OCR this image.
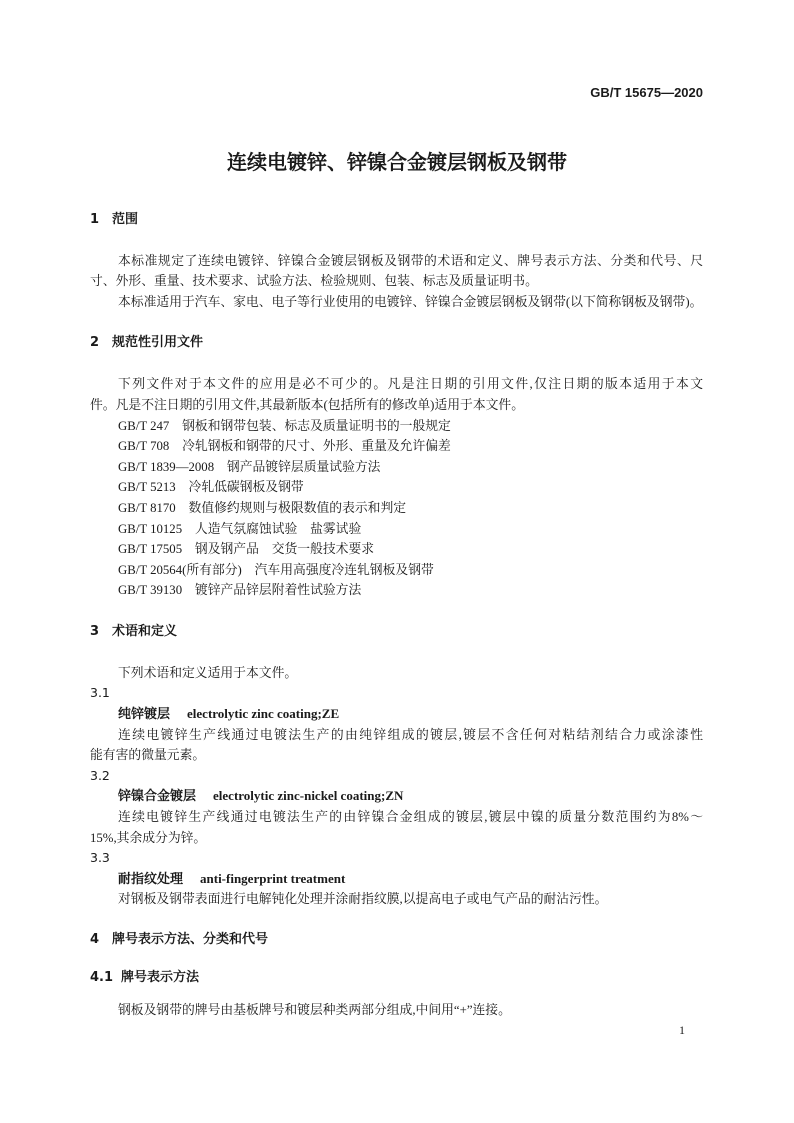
GB/T 15675—2020
连续电镀锌、锌镍合金镀层钢板及钢带
1 范围
本标准规定了连续电镀锌、锌镍合金镀层钢板及钢带的术语和定义、牌号表示方法、分类和代号、尺
寸、外形、重量、技术要求、试验方法、检验规则、包装、标志及质量证明书。
本标准适用于汽车、家电、电子等行业使用的电镀锌、锌镍合金镀层钢板及钢带(以下简称钢板及钢带)。
2 规范性引用文件
下列文件对于本文件的应用是必不可少的。凡是注日期的引用文件,仅注日期的版本适用于本文
件。凡是不注日期的引用文件,其最新版本(包括所有的修改单)适用于本文件。
GB/T 247 钢板和钢带包装、标志及质量证明书的一般规定
GB/T 708 冷轧钢板和钢带的尺寸、外形、重量及允许偏差
GB/T 1839—2008 钢产品镀锌层质量试验方法
GB/T 5213 冷轧低碳钢板及钢带
GB/T 8170 数值修约规则与极限数值的表示和判定
GB/T 10125 人造气氛腐蚀试验　盐雾试验
GB/T 17505 钢及钢产品　交货一般技术要求
GB/T 20564(所有部分) 汽车用高强度冷连轧钢板及钢带
GB/T 39130 镀锌产品锌层附着性试验方法
3 术语和定义
下列术语和定义适用于本文件。
3.1
纯锌镀层 electrolytic zinc coating;ZE
连续电镀锌生产线通过电镀法生产的由纯锌组成的镀层,镀层不含任何对粘结剂结合力或涂漆性
能有害的微量元素。
3.2
锌镍合金镀层 electrolytic zinc-nickel coating;ZN
连续电镀锌生产线通过电镀法生产的由锌镍合金组成的镀层,镀层中镍的质量分数范围约为8%～
15%,其余成分为锌。
3.3
耐指纹处理 anti-fingerprint treatment
对钢板及钢带表面进行电解钝化处理并涂耐指纹膜,以提高电子或电气产品的耐沾污性。
4 牌号表示方法、分类和代号
4.1 牌号表示方法
钢板及钢带的牌号由基板牌号和镀层种类两部分组成,中间用“+”连接。
1
